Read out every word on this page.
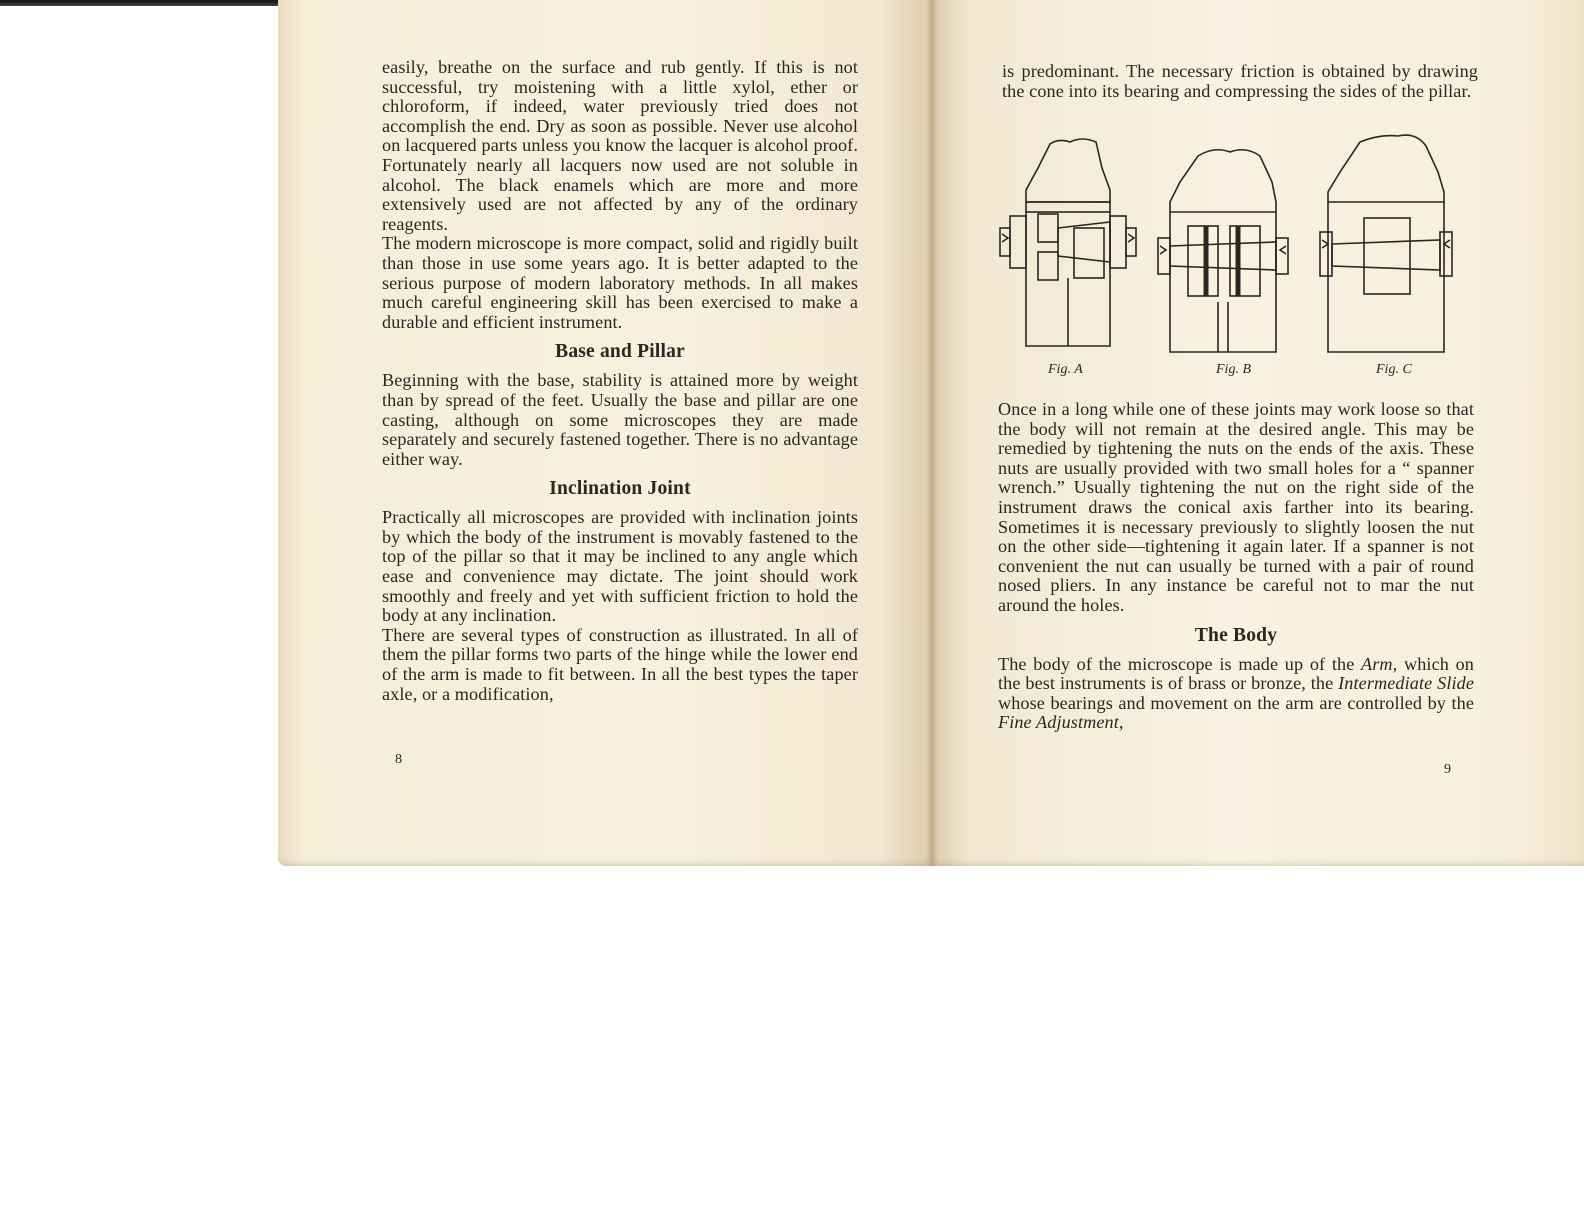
easily, breathe on the surface and rub gently. If this is not successful, try moistening with a little xylol, ether or chloroform, if indeed, water previously tried does not accomplish the end. Dry as soon as possible. Never use alcohol on lacquered parts unless you know the lacquer is alcohol proof. Fortunately nearly all lacquers now used are not soluble in alcohol. The black enamels which are more and more extensively used are not affected by any of the ordinary reagents.

The modern microscope is more compact, solid and rigidly built than those in use some years ago. It is better adapted to the serious purpose of modern laboratory methods. In all makes much careful engineering skill has been exercised to make a durable and efficient instrument.

Base and Pillar

Beginning with the base, stability is attained more by weight than by spread of the feet. Usually the base and pillar are one casting, although on some microscopes they are made separately and securely fastened together. There is no advantage either way.

Inclination Joint

Practically all microscopes are provided with inclination joints by which the body of the instrument is movably fastened to the top of the pillar so that it may be inclined to any angle which ease and convenience may dictate. The joint should work smoothly and freely and yet with sufficient friction to hold the body at any inclination.

There are several types of construction as illustrated. In all of them the pillar forms two parts of the hinge while the lower end of the arm is made to fit between. In all the best types the taper axle, or a modification,

8

is predominant. The necessary friction is obtained by drawing the cone into its bearing and compressing the sides of the pillar.

Fig. A	Fig. B	Fig. C

Once in a long while one of these joints may work loose so that the body will not remain at the desired angle. This may be remedied by tightening the nuts on the ends of the axis. These nuts are usually provided with two small holes for a “ spanner wrench.” Usually tightening the nut on the right side of the instrument draws the conical axis farther into its bearing. Sometimes it is necessary previously to slightly loosen the nut on the other side—tightening it again later. If a spanner is not convenient the nut can usually be turned with a pair of round nosed pliers. In any instance be careful not to mar the nut around the holes.

The Body

The body of the microscope is made up of the Arm, which on the best instruments is of brass or bronze, the Intermediate Slide whose bearings and movement on the arm are controlled by the Fine Adjustment,

9
